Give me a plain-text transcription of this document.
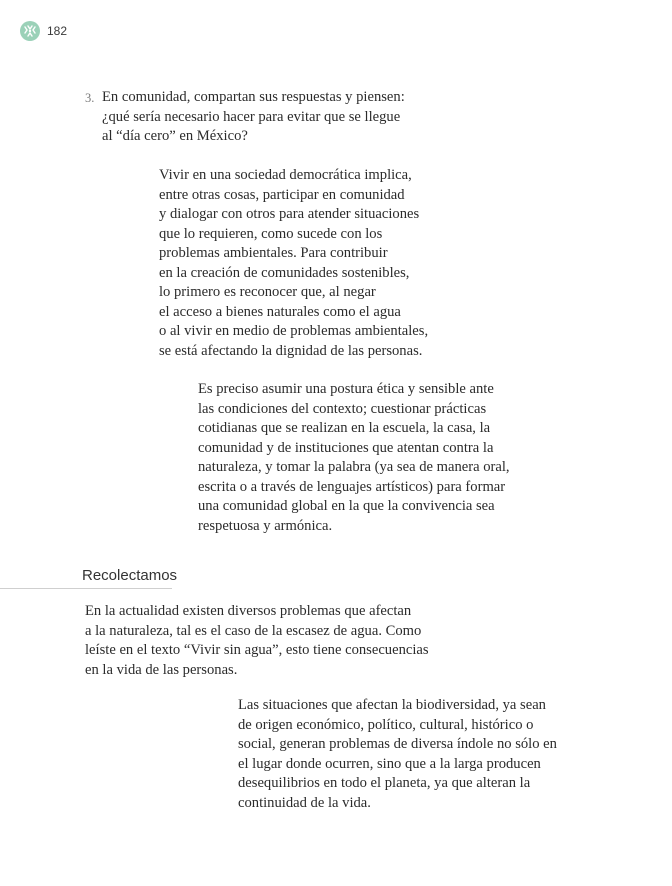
182
3. En comunidad, compartan sus respuestas y piensen:
¿qué sería necesario hacer para evitar que se llegue
al “día cero” en México?

Vivir en una sociedad democrática implica,
entre otras cosas, participar en comunidad
y dialogar con otros para atender situaciones
que lo requieren, como sucede con los
problemas ambientales. Para contribuir
en la creación de comunidades sostenibles,
lo primero es reconocer que, al negar
el acceso a bienes naturales como el agua
o al vivir en medio de problemas ambientales,
se está afectando la dignidad de las personas.

Es preciso asumir una postura ética y sensible ante
las condiciones del contexto; cuestionar prácticas
cotidianas que se realizan en la escuela, la casa, la
comunidad y de instituciones que atentan contra la
naturaleza, y tomar la palabra (ya sea de manera oral,
escrita o a través de lenguajes artísticos) para formar
una comunidad global en la que la convivencia sea
respetuosa y armónica.

Recolectamos

En la actualidad existen diversos problemas que afectan
a la naturaleza, tal es el caso de la escasez de agua. Como
leíste en el texto “Vivir sin agua”, esto tiene consecuencias
en la vida de las personas.

Las situaciones que afectan la biodiversidad, ya sean
de origen económico, político, cultural, histórico o
social, generan problemas de diversa índole no sólo en
el lugar donde ocurren, sino que a la larga producen
desequilibrios en todo el planeta, ya que alteran la
continuidad de la vida.
